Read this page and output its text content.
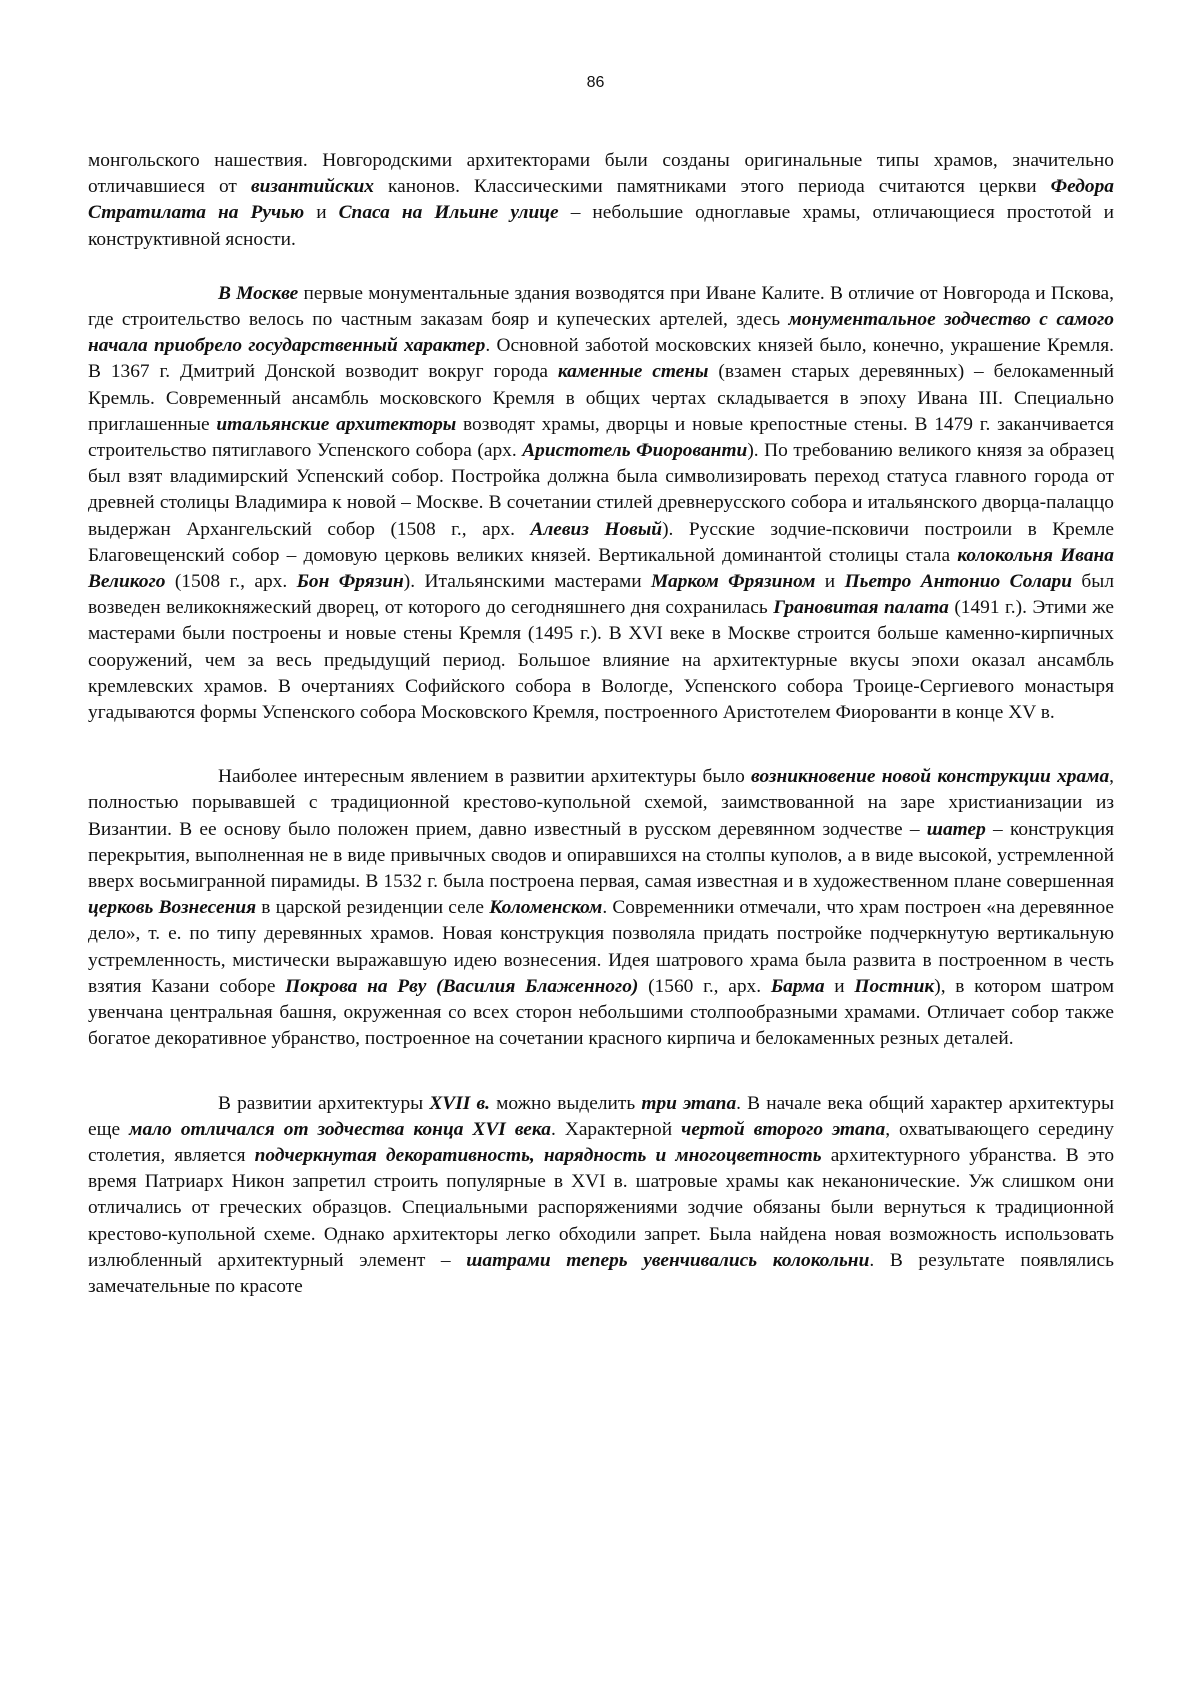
86

монгольского нашествия. Новгородскими архитекторами были созданы оригинальные типы храмов, значительно отличавшиеся от византийских канонов. Классическими памятниками этого периода считаются церкви Федора Стратилата на Ручью и Спаса на Ильине улице – небольшие одноглавые храмы, отличающиеся простотой и конструктивной ясности.

В Москве первые монументальные здания возводятся при Иване Калите. В отличие от Новгорода и Пскова, где строительство велось по частным заказам бояр и купеческих артелей, здесь монументальное зодчество с самого начала приобрело государственный характер. Основной заботой московских князей было, конечно, украшение Кремля. В 1367 г. Дмитрий Донской возводит вокруг города каменные стены (взамен старых деревянных) – белокаменный Кремль. Современный ансамбль московского Кремля в общих чертах складывается в эпоху Ивана III. Специально приглашенные итальянские архитекторы возводят храмы, дворцы и новые крепостные стены. В 1479 г. заканчивается строительство пятиглавого Успенского собора (арх. Аристотель Фиорованти). По требованию великого князя за образец был взят владимирский Успенский собор. Постройка должна была символизировать переход статуса главного города от древней столицы Владимира к новой – Москве. В сочетании стилей древнерусского собора и итальянского дворца-палаццо выдержан Архангельский собор (1508 г., арх. Алевиз Новый). Русские зодчие-псковичи построили в Кремле Благовещенский собор – домовую церковь великих князей. Вертикальной доминантой столицы стала колокольня Ивана Великого (1508 г., арх. Бон Фрязин). Итальянскими мастерами Марком Фрязином и Пьетро Антонио Солари был возведен великокняжеский дворец, от которого до сегодняшнего дня сохранилась Грановитая палата (1491 г.). Этими же мастерами были построены и новые стены Кремля (1495 г.). В XVI веке в Москве строится больше каменно-кирпичных сооружений, чем за весь предыдущий период. Большое влияние на архитектурные вкусы эпохи оказал ансамбль кремлевских храмов. В очертаниях Софийского собора в Вологде, Успенского собора Троице-Сергиевого монастыря угадываются формы Успенского собора Московского Кремля, построенного Аристотелем Фиорованти в конце XV в.

Наиболее интересным явлением в развитии архитектуры было возникновение новой конструкции храма, полностью порывавшей с традиционной крестово-купольной схемой, заимствованной на заре христианизации из Византии. В ее основу было положен прием, давно известный в русском деревянном зодчестве – шатер – конструкция перекрытия, выполненная не в виде привычных сводов и опиравшихся на столпы куполов, а в виде высокой, устремленной вверх восьмигранной пирамиды. В 1532 г. была построена первая, самая известная и в художественном плане совершенная церковь Вознесения в царской резиденции селе Коломенском. Современники отмечали, что храм построен «на деревянное дело», т. е. по типу деревянных храмов. Новая конструкция позволяла придать постройке подчеркнутую вертикальную устремленность, мистически выражавшую идею вознесения. Идея шатрового храма была развита в построенном в честь взятия Казани соборе Покрова на Рву (Василия Блаженного) (1560 г., арх. Барма и Постник), в котором шатром увенчана центральная башня, окруженная со всех сторон небольшими столпообразными храмами. Отличает собор также богатое декоративное убранство, построенное на сочетании красного кирпича и белокаменных резных деталей.

В развитии архитектуры XVII в. можно выделить три этапа. В начале века общий характер архитектуры еще мало отличался от зодчества конца XVI века. Характерной чертой второго этапа, охватывающего середину столетия, является подчеркнутая декоративность, нарядность и многоцветность архитектурного убранства. В это время Патриарх Никон запретил строить популярные в XVI в. шатровые храмы как неканонические. Уж слишком они отличались от греческих образцов. Специальными распоряжениями зодчие обязаны были вернуться к традиционной крестово-купольной схеме. Однако архитекторы легко обходили запрет. Была найдена новая возможность использовать излюбленный архитектурный элемент – шатрами теперь увенчивались колокольни. В результате появлялись замечательные по красоте
